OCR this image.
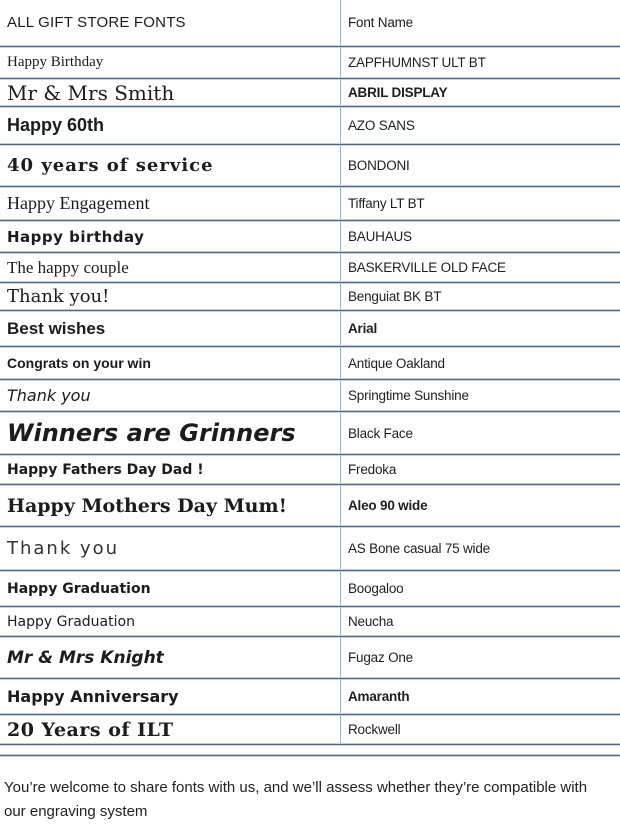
ALL GIFT STORE FONTS	Font Name
Happy Birthday	ZAPFHUMNST ULT BT
Mr & Mrs Smith	ABRIL DISPLAY
Happy 60th	AZO SANS
40 years of service	BONDONI
Happy Engagement	Tiffany LT BT
Happy birthday	BAUHAUS
The happy couple	BASKERVILLE OLD FACE
Thank you!	Benguiat BK BT
Best wishes	Arial
Congrats on your win	Antique Oakland
Thank you	Springtime Sunshine
Winners are Grinners	Black Face
Happy Fathers Day Dad !	Fredoka
Happy Mothers Day Mum!	Aleo 90 wide
Thank you	AS Bone casual 75 wide
Happy Graduation	Boogaloo
Happy Graduation	Neucha
Mr & Mrs Knight	Fugaz One
Happy Anniversary	Amaranth
20 Years of ILT	Rockwell

You’re welcome to share fonts with us, and we’ll assess whether they’re compatible with our engraving system
